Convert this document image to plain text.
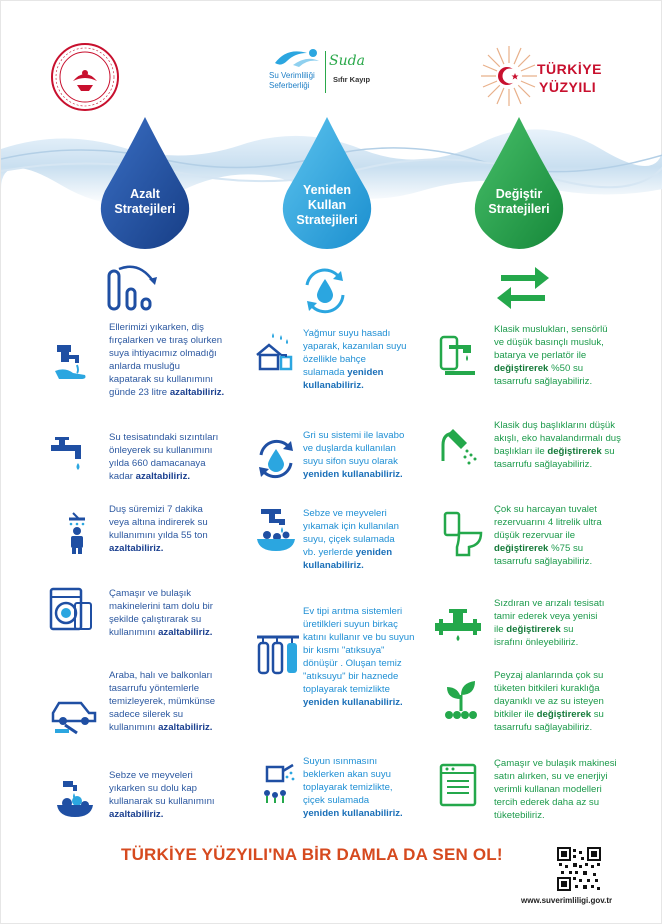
Su Verimliliği
Seferberliği
Suda
Sıfır Kayıp
TÜRKİYE
YÜZYILI
Azalt
Stratejileri
Yeniden
Kullan
Stratejileri
Değiştir
Stratejileri
Ellerimizi yıkarken, diş
fırçalarken ve tıraş olurken
suya ihtiyacımız olmadığı
anlarda musluğu
kapatarak su kullanımını
günde 23 litre azaltabiliriz.
Su tesisatındaki sızıntıları
önleyerek su kullanımını
yılda 660 damacanaya
kadar azaltabiliriz.
Duş süremizi 7 dakika
veya altına indirerek su
kullanımını yılda 55 ton
azaltabiliriz.
Çamaşır ve bulaşık
makinelerini tam dolu bir
şekilde çalıştırarak su
kullanımını azaltabiliriz.
Araba, halı ve balkonları
tasarrufu yöntemlerle
temizleyerek, mümkünse
sadece silerek su
kullanımını azaltabiliriz.
Sebze ve meyveleri
yıkarken su dolu kap
kullanarak su kullanımını
azaltabiliriz.
Yağmur suyu hasadı
yaparak, kazanılan suyu
özellikle bahçe
sulamada yeniden
kullanabiliriz.
Gri su sistemi ile lavabo
ve duşlarda kullanılan
suyu sifon suyu olarak
yeniden kullanabiliriz.
Sebze ve meyveleri
yıkamak için kullanılan
suyu, çiçek sulamada
vb. yerlerde yeniden
kullanabiliriz.
Ev tipi arıtma sistemleri
üretilkleri suyun birkaç
katını kullanır ve bu suyun
bir kısmı "atıksuya"
dönüşür . Oluşan temiz
"atıksuyu" bir haznede
toplayarak temizlikte
yeniden kullanabiliriz.
Suyun ısınmasını
beklerken akan suyu
toplayarak temizlikte,
çiçek sulamada
yeniden kullanabiliriz.
Klasik muslukları, sensörlü
ve düşük basınçlı musluk,
batarya ve perlatör ile
değiştirerek %50 su
tasarrufu sağlayabiliriz.
Klasik duş başlıklarını düşük
akışlı, eko havalandırmalı duş
başlıkları ile değiştirerek su
tasarrufu sağlayabiliriz.
Çok su harcayan tuvalet
rezervuarını 4 litrelik ultra
düşük rezervuar ile
değiştirerek %75 su
tasarrufu sağlayabiliriz.
Sızdıran ve arızalı tesisatı
tamir ederek veya yenisi
ile değiştirerek su
israfını önleyebiliriz.
Peyzaj alanlarında çok su
tüketen bitkileri kuraklığa
dayanıklı ve az su isteyen
bitkiler ile değiştirerek su
tasarrufu sağlayabiliriz.
Çamaşır ve bulaşık makinesi
satın alırken, su ve enerjiyi
verimli kullanan modelleri
tercih ederek daha az su
tüketebiliriz.
TÜRKİYE YÜZYILI'NA BİR DAMLA DA SEN OL!
www.suverimliligi.gov.tr
